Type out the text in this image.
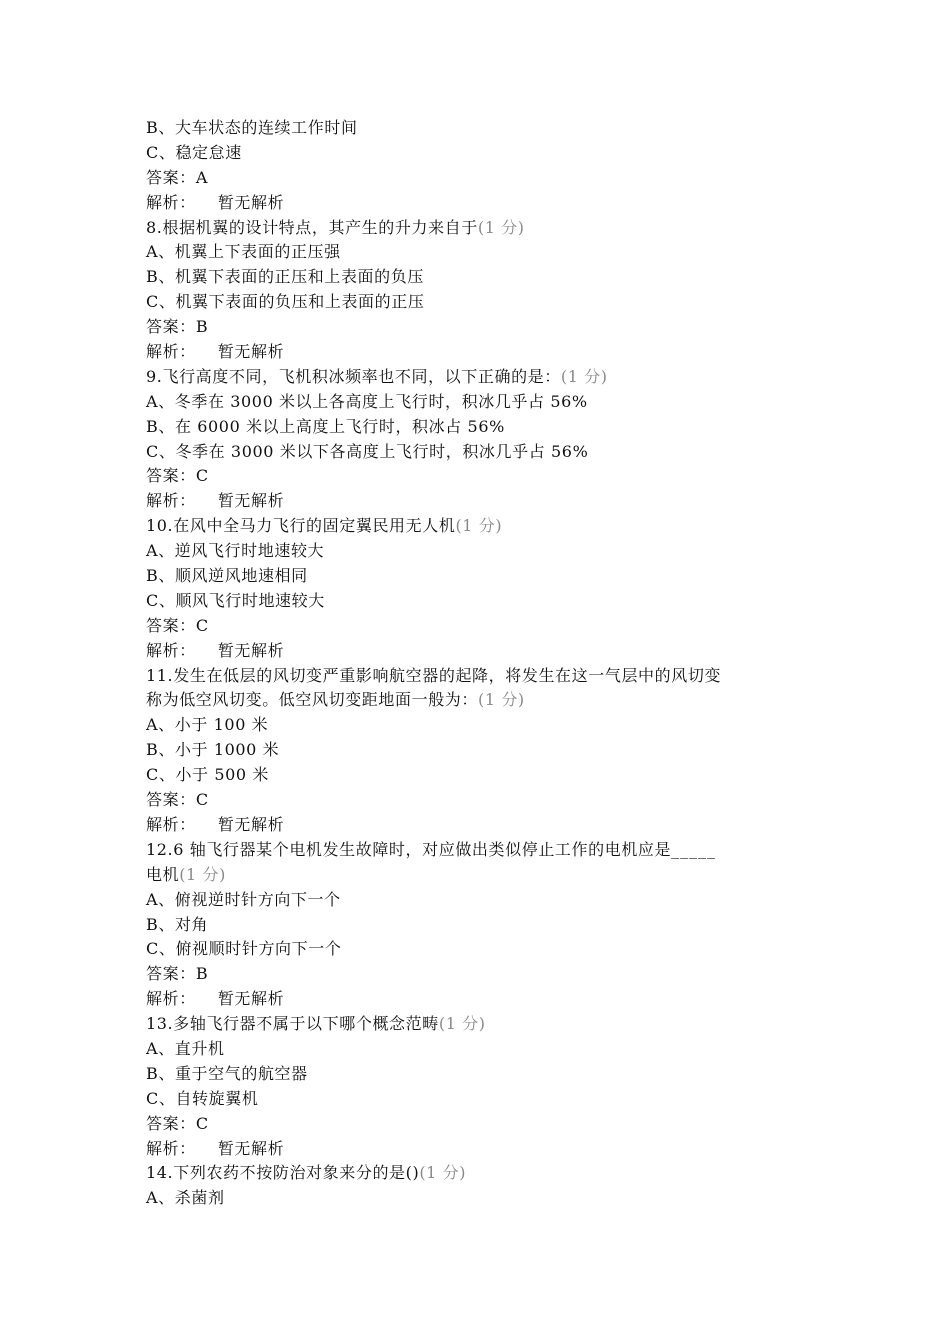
B、大车状态的连续工作时间
C、稳定怠速
答案：A
解析： 暂无解析
8.根据机翼的设计特点，其产生的升力来自于(1 分)
A、机翼上下表面的正压强
B、机翼下表面的正压和上表面的负压
C、机翼下表面的负压和上表面的正压
答案：B
解析： 暂无解析
9.飞行高度不同，飞机积冰频率也不同，以下正确的是：(1 分)
A、冬季在 3000 米以上各高度上飞行时，积冰几乎占 56%
B、在 6000 米以上高度上飞行时，积冰占 56%
C、冬季在 3000 米以下各高度上飞行时，积冰几乎占 56%
答案：C
解析： 暂无解析
10.在风中全马力飞行的固定翼民用无人机(1 分)
A、逆风飞行时地速较大
B、顺风逆风地速相同
C、顺风飞行时地速较大
答案：C
解析： 暂无解析
11.发生在低层的风切变严重影响航空器的起降，将发生在这一气层中的风切变
称为低空风切变。低空风切变距地面一般为：(1 分)
A、小于 100 米
B、小于 1000 米
C、小于 500 米
答案：C
解析： 暂无解析
12.6 轴飞行器某个电机发生故障时，对应做出类似停止工作的电机应是_____
电机(1 分)
A、俯视逆时针方向下一个
B、对角
C、俯视顺时针方向下一个
答案：B
解析： 暂无解析
13.多轴飞行器不属于以下哪个概念范畴(1 分)
A、直升机
B、重于空气的航空器
C、自转旋翼机
答案：C
解析： 暂无解析
14.下列农药不按防治对象来分的是()(1 分)
A、杀菌剂
